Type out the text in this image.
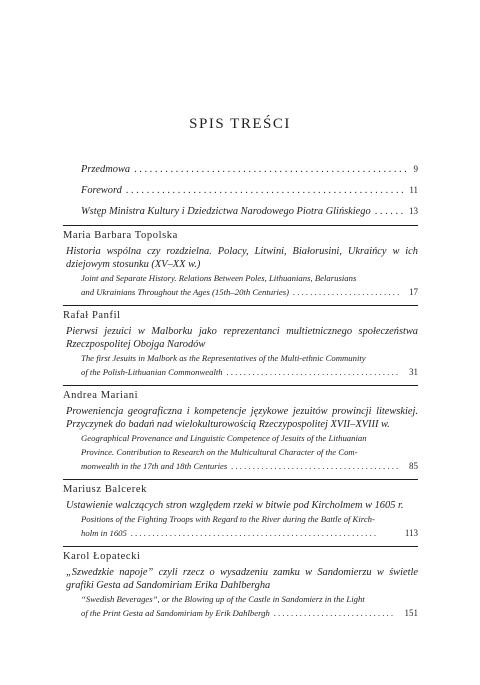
SPIS TREŚCI
Przedmowa . . .	9
Foreword . . .	11
Wstęp Ministra Kultury i Dziedzictwa Narodowego Piotra Glińskiego . . .	13
Maria Barbara Topolska
Historia wspólna czy rozdzielna. Polacy, Litwini, Białorusini, Ukraińcy w ich dziejowym stosunku (XV–XX w.)
Joint and Separate History. Relations Between Poles, Lithuanians, Belarusians
and Ukrainians Throughout the Ages (15th–20th Centuries) . . .	17
Rafał Panfil
Pierwsi jezuici w Malborku jako reprezentanci multietnicznego społeczeństwa Rzeczpospolitej Obojga Narodów
The first Jesuits in Malbork as the Representatives of the Multi-ethnic Community
of the Polish-Lithuanian Commonwealth . . .	31
Andrea Mariani
Proweniencja geograficzna i kompetencje językowe jezuitów prowincji litewskiej. Przyczynek do badań nad wielokulturowością Rzeczypospolitej XVII–XVIII w.
Geographical Provenance and Linguistic Competence of Jesuits of the Lithuanian
Province. Contribution to Research on the Multicultural Character of the Com-
monwealth in the 17th and 18th Centuries . . .	85
Mariusz Balcerek
Ustawienie walczących stron względem rzeki w bitwie pod Kircholmem w 1605 r.
Positions of the Fighting Troops with Regard to the River during the Battle of Kirch-
holm in 1605 . . .	113
Karol Łopatecki
„Szwedzkie napoje” czyli rzecz o wysadzeniu zamku w Sandomierzu w świetle grafiki Gesta ad Sandomiriam Erika Dahlbergha
“Swedish Beverages”, or the Blowing up of the Castle in Sandomierz in the Light
of the Print Gesta ad Sandomiriam by Erik Dahlbergh . . .	151
